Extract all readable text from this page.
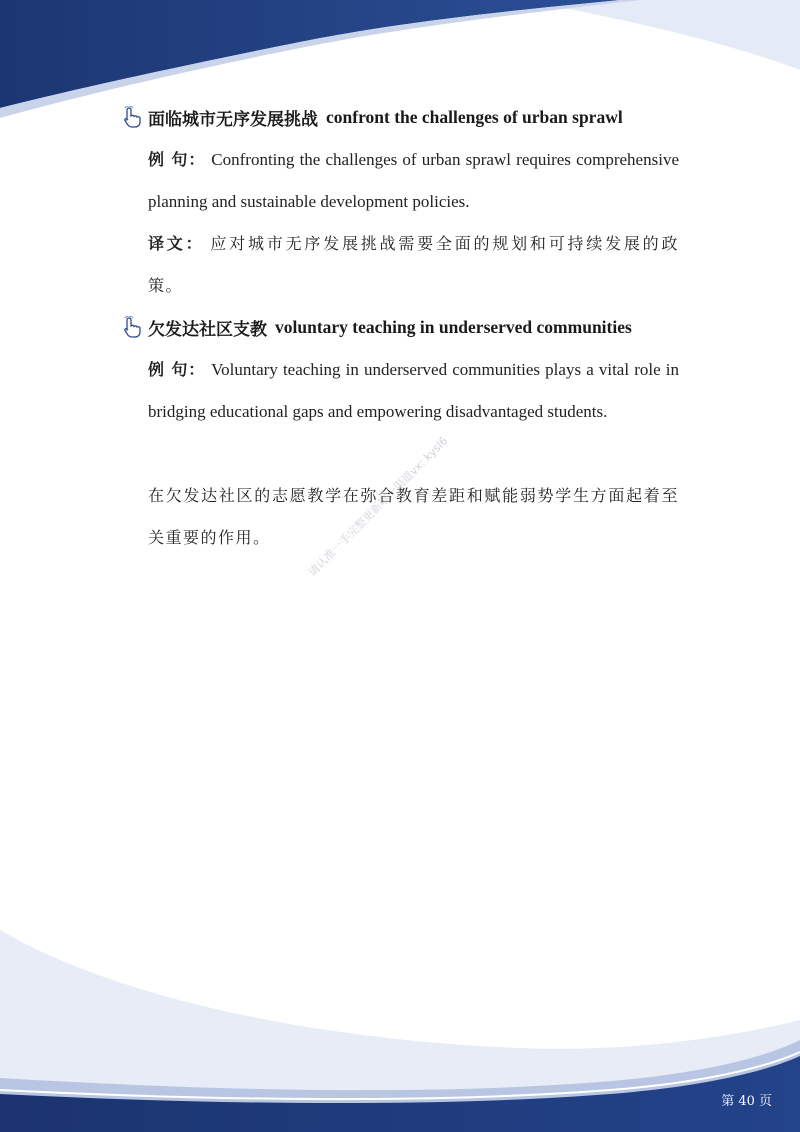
面临城市无序发展挑战 confront the challenges of urban sprawl
例 句： Confronting the challenges of urban sprawl requires comprehensive planning and sustainable development policies.
译文： 应对城市无序发展挑战需要全面的规划和可持续发展的政策。
欠发达社区支教 voluntary teaching in underserved communities
例 句： Voluntary teaching in underserved communities plays a vital role in bridging educational gaps and empowering disadvantaged students.
在欠发达社区的志愿教学在弥合教育差距和赋能弱势学生方面起着至关重要的作用。	请认准一手完整更新唯一渠道vx: kysl6
第 40 页
